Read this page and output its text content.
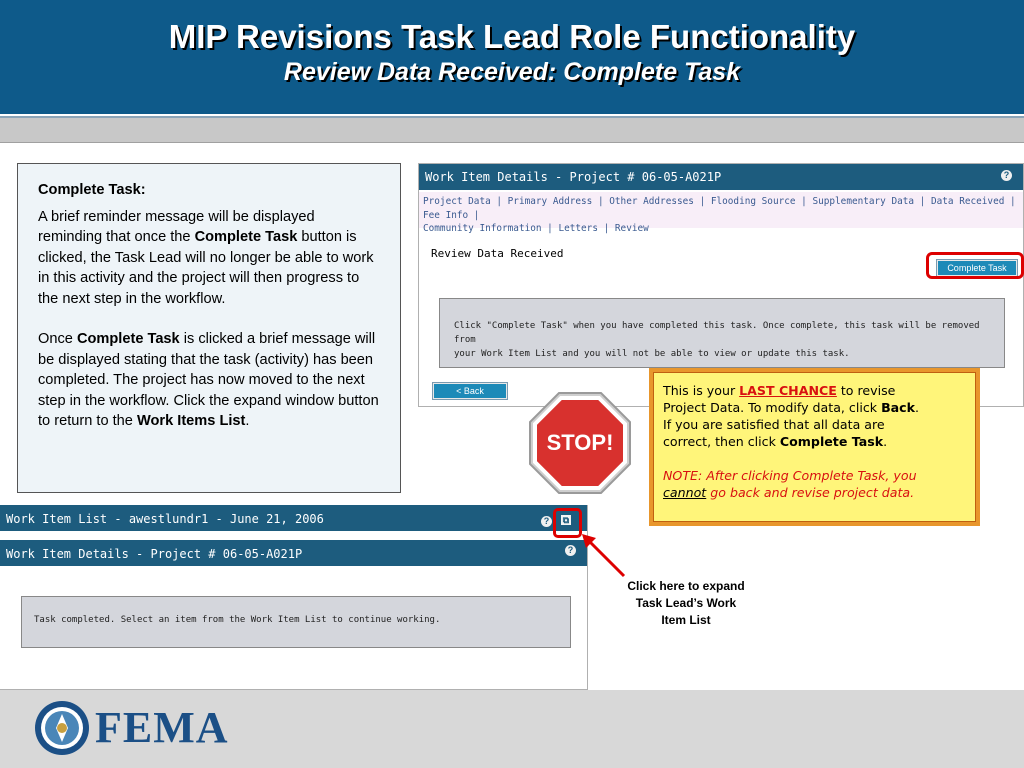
MIP Revisions Task Lead Role Functionality
Review Data Received: Complete Task
Complete Task:

A brief reminder message will be displayed reminding that once the Complete Task button is clicked, the Task Lead will no longer be able to work in this activity and the project will then progress to the next step in the workflow.

Once Complete Task is clicked a brief message will be displayed stating that the task (activity) has been completed. The project has now moved to the next step in the workflow. Click the expand window button to return to the Work Items List.

Work Item Details - Project # 06-05-A021P	?
Project Data | Primary Address | Other Addresses | Flooding Source | Supplementary Data | Data Received | Fee Info |
Community Information | Letters | Review
Review Data Received
Complete Task
Click "Complete Task" when you have completed this task. Once complete, this task will be removed from
your Work Item List and you will not be able to view or update this task.
< Back
STOP!
This is your LAST CHANCE to revise
Project Data. To modify data, click Back.
If you are satisfied that all data are
correct, then click Complete Task.
NOTE: After clicking Complete Task, you
cannot go back and revise project data.
Work Item List - awestlundr1 - June 21, 2006	?
Work Item Details - Project # 06-05-A021P	?
⧉
Task completed. Select an item from the Work Item List to continue working.
Click here to expand
Task Lead’s Work
Item List
FEMA
